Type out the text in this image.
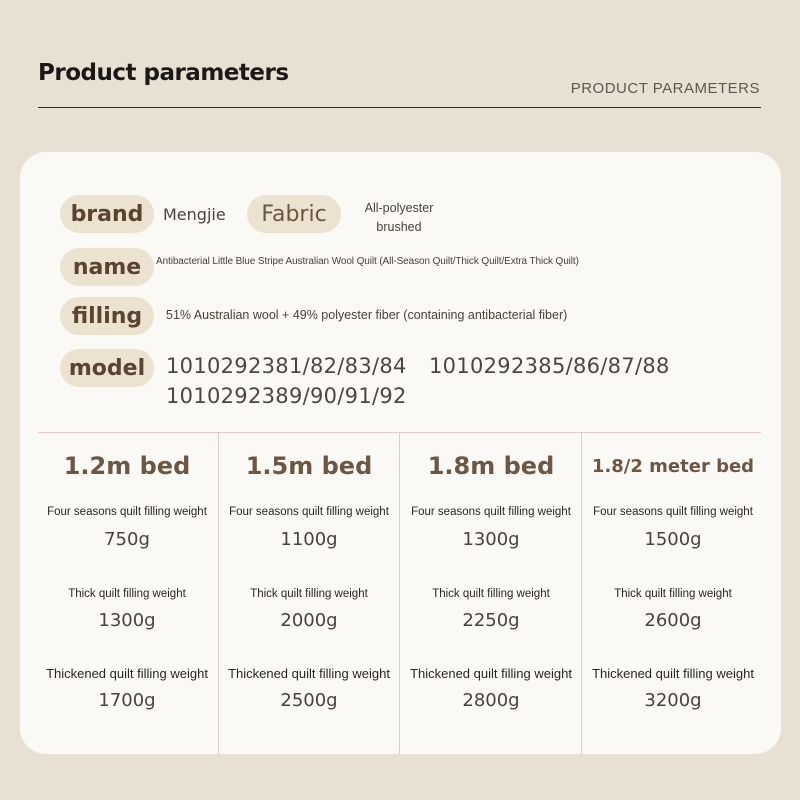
Product parameters
PRODUCT PARAMETERS
brand Mengjie Fabric	All-polyester
brushed
name Antibacterial Little Blue Stripe Australian Wool Quilt (All-Season Quilt/Thick Quilt/Extra Thick Quilt)
filling 51% Australian wool + 49% polyester fiber (containing antibacterial fiber)
model 1010292381/82/83/84 1010292385/86/87/88
1010292389/90/91/92
1.2m bed
Four seasons quilt filling weight
750g
Thick quilt filling weight
1300g
Thickened quilt filling weight
1700g
1.5m bed
Four seasons quilt filling weight
1100g
Thick quilt filling weight
2000g
Thickened quilt filling weight
2500g
1.8m bed
Four seasons quilt filling weight
1300g
Thick quilt filling weight
2250g
Thickened quilt filling weight
2800g
1.8/2 meter bed
Four seasons quilt filling weight
1500g
Thick quilt filling weight
2600g
Thickened quilt filling weight
3200g
